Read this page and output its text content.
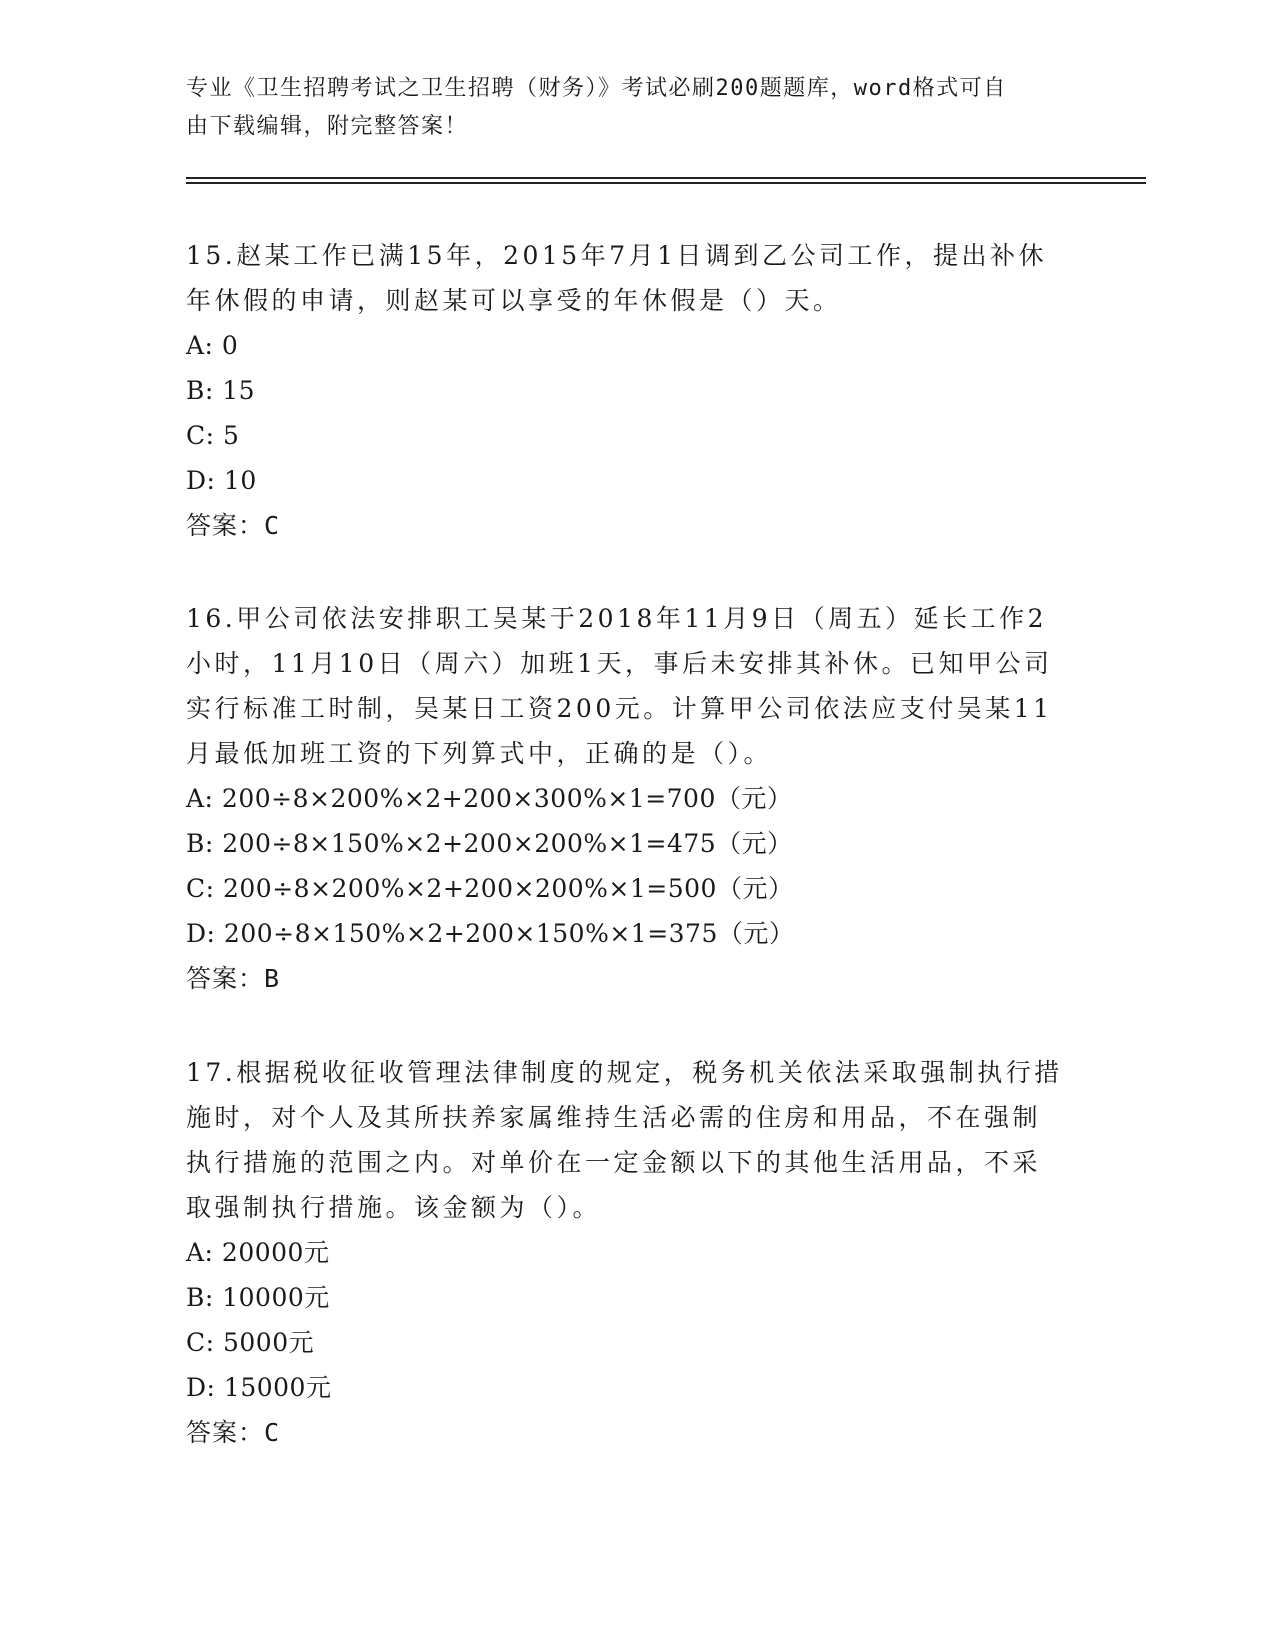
专业《卫生招聘考试之卫生招聘（财务）》考试必刷200题题库，word格式可自
由下载编辑，附完整答案！

15.赵某工作已满15年，2015年7月1日调到乙公司工作，提出补休
年休假的申请，则赵某可以享受的年休假是（）天。

A: 0
B: 15
C: 5
D: 10

答案：C

16.甲公司依法安排职工吴某于2018年11月9日（周五）延长工作2
小时，11月10日（周六）加班1天，事后未安排其补休。已知甲公司
实行标准工时制，吴某日工资200元。计算甲公司依法应支付吴某11
月最低加班工资的下列算式中，正确的是（）。

A: 200÷8×200%×2+200×300%×1=700（元）
B: 200÷8×150%×2+200×200%×1=475（元）
C: 200÷8×200%×2+200×200%×1=500（元）
D: 200÷8×150%×2+200×150%×1=375（元）

答案：B

17.根据税收征收管理法律制度的规定，税务机关依法采取强制执行措
施时，对个人及其所扶养家属维持生活必需的住房和用品，不在强制
执行措施的范围之内。对单价在一定金额以下的其他生活用品，不采
取强制执行措施。该金额为（）。

A: 20000元
B: 10000元
C: 5000元
D: 15000元

答案：C
